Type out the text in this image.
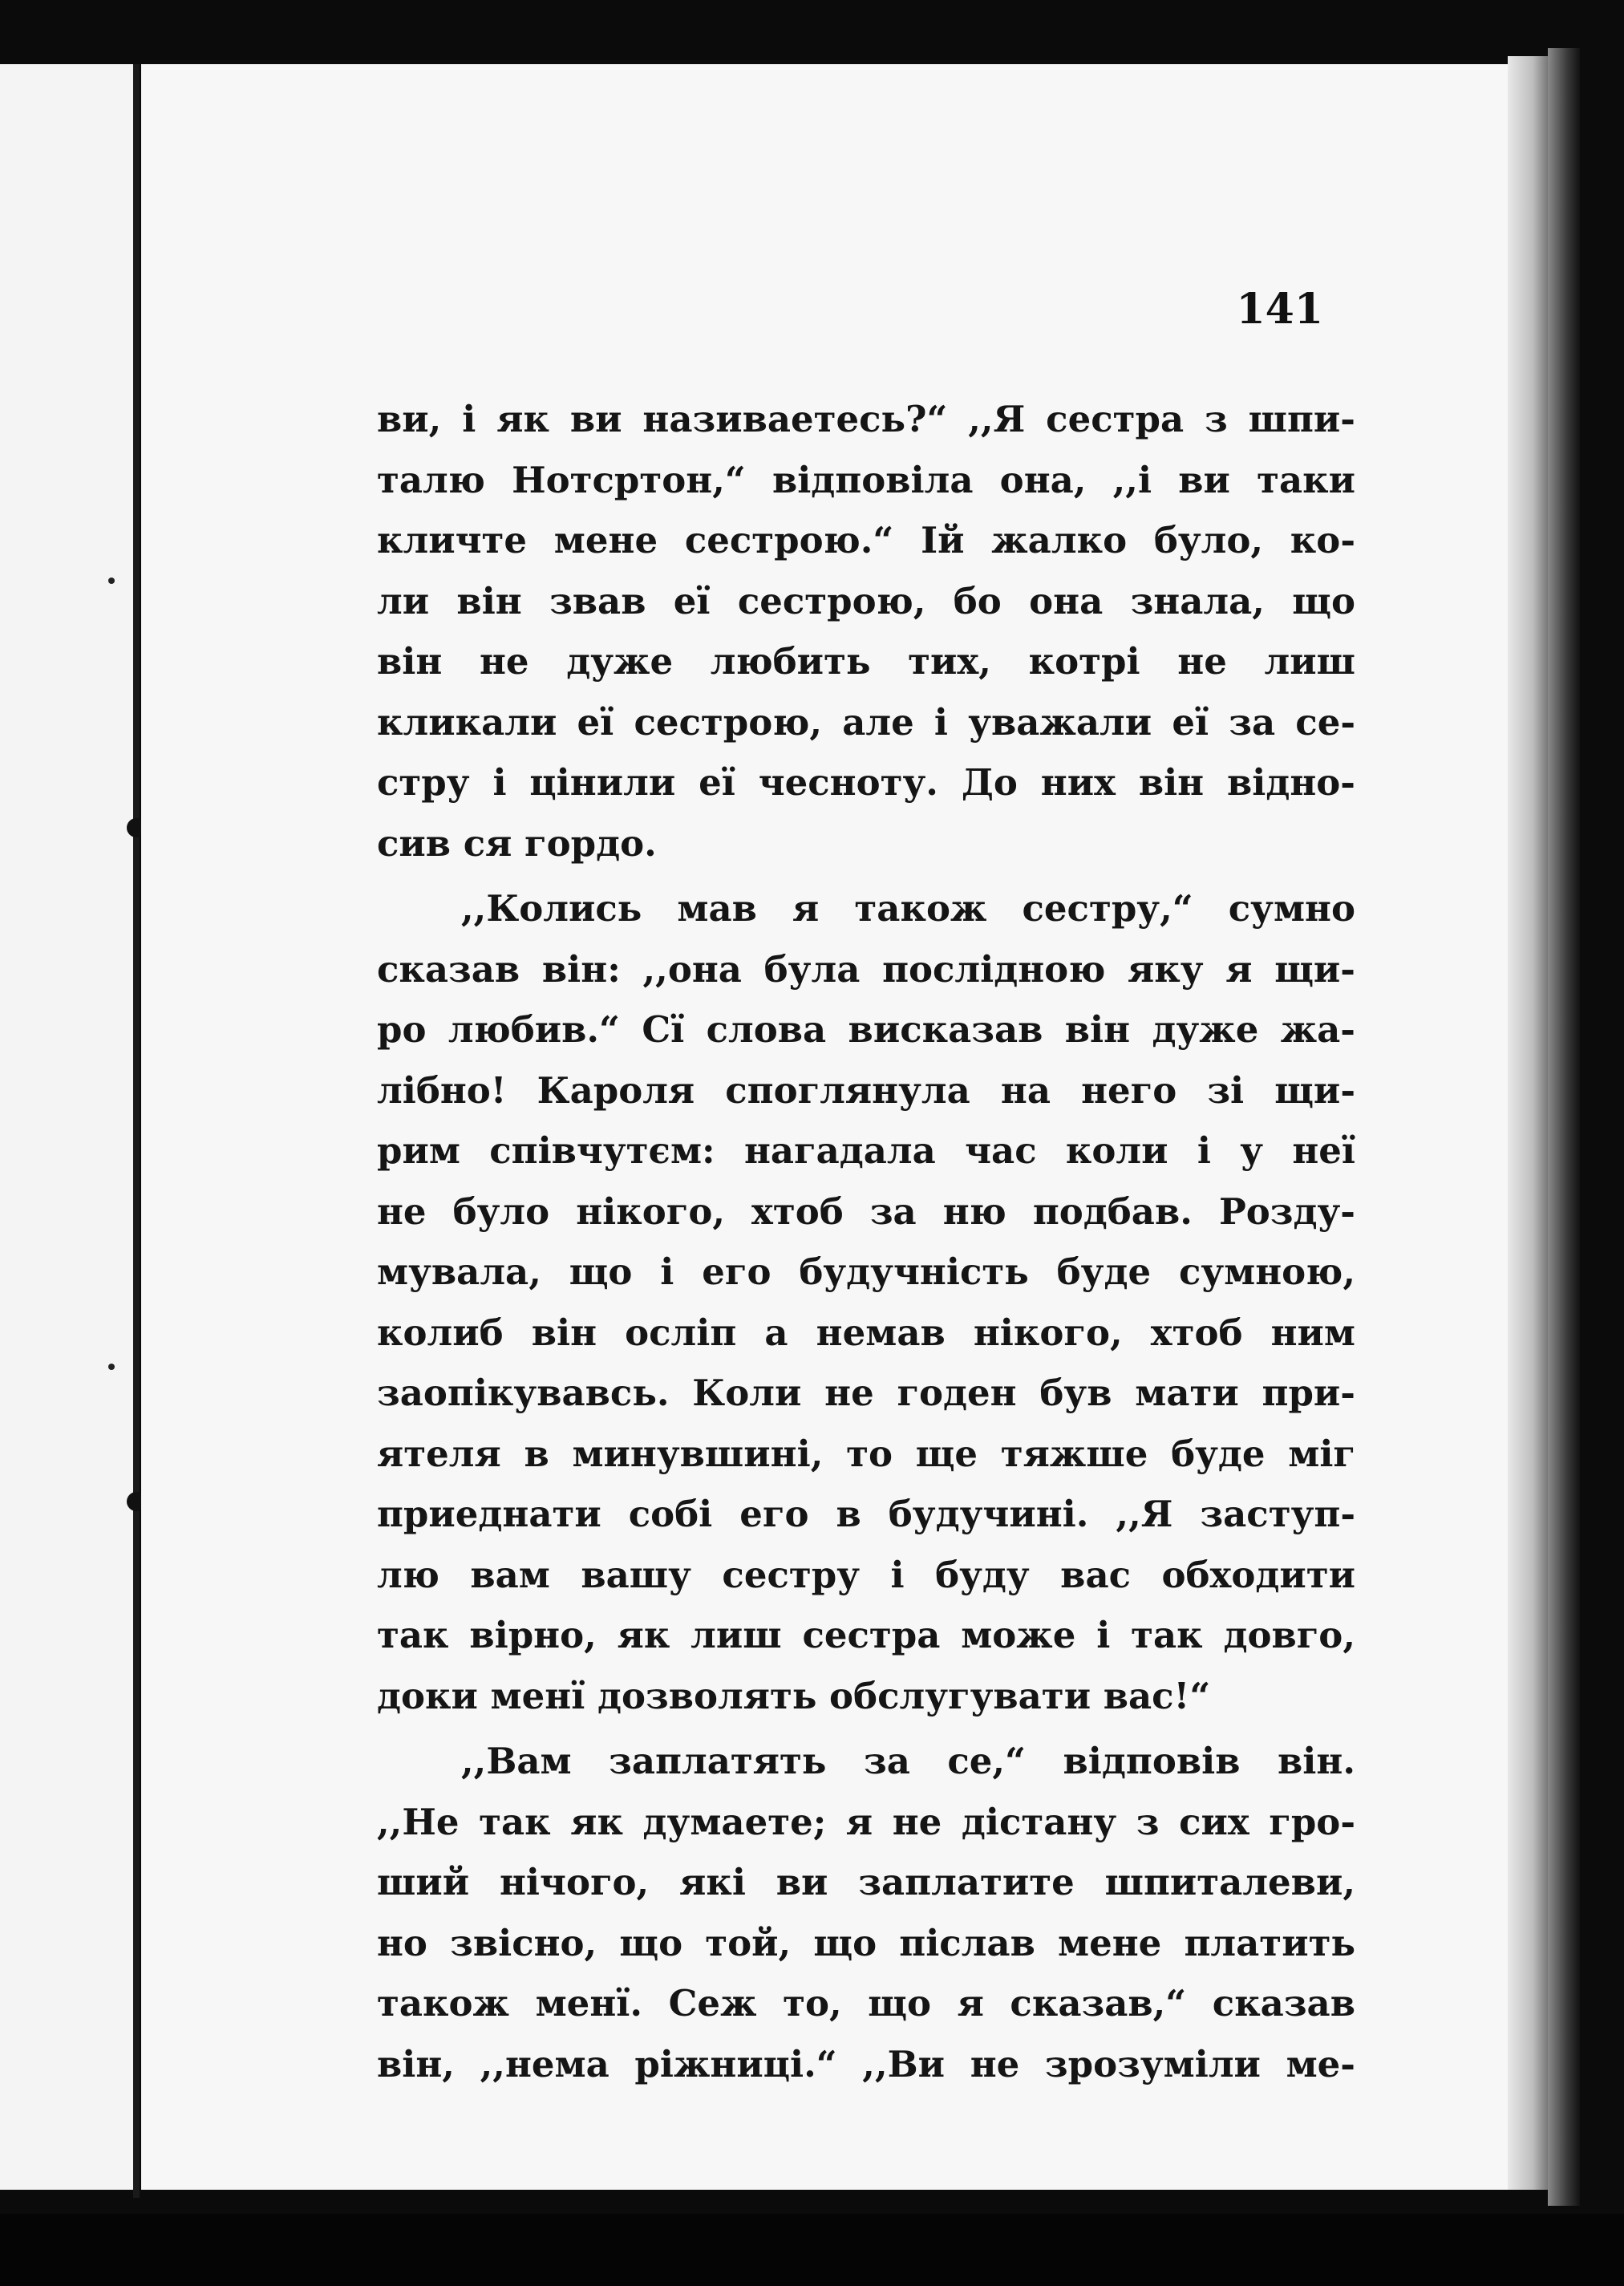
141
ви, і як ви називаетесь?“ ,,Я сестра з шпи-
талю Нотсртон,“ відповіла она, ,,і ви таки
кличте мене сестрою.“ Ій жалко було, ко-
ли він звав еї сестрою, бо она знала, що
він не дуже любить тих, котрі не лиш
кликали еї сестрою, але і уважали еї за се-
стру і цінили еї чесноту. До них він відно-
сив ся гордо.
,,Колись мав я також сестру,“ сумно
сказав він: ,,она була послідною яку я щи-
ро любив.“ Сї слова висказав він дуже жа-
лібно! Кароля споглянула на него зі щи-
рим співчутєм: нагадала час коли і у неї
не було нікого, хтоб за ню подбав. Розду-
мувала, що і его будучність буде сумною,
колиб він осліп а немав нікого, хтоб ним
заопікувавсь. Коли не годен був мати при-
ятеля в минувшині, то ще тяжше буде міг
приеднати собі его в будучині. ,,Я заступ-
лю вам вашу сестру і буду вас обходити
так вірно, як лиш сестра може і так довго,
доки менї дозволять обслугувати вас!“
,,Вам заплатять за се,“ відповів він.
,,Не так як думаете; я не дістану з сих гро-
ший нічого, які ви заплатите шпиталеви,
но звісно, що той, що післав мене платить
також менї. Сеж то, що я сказав,“ сказав
він, ,,нема ріжниці.“ ,,Ви не зрозуміли ме-
